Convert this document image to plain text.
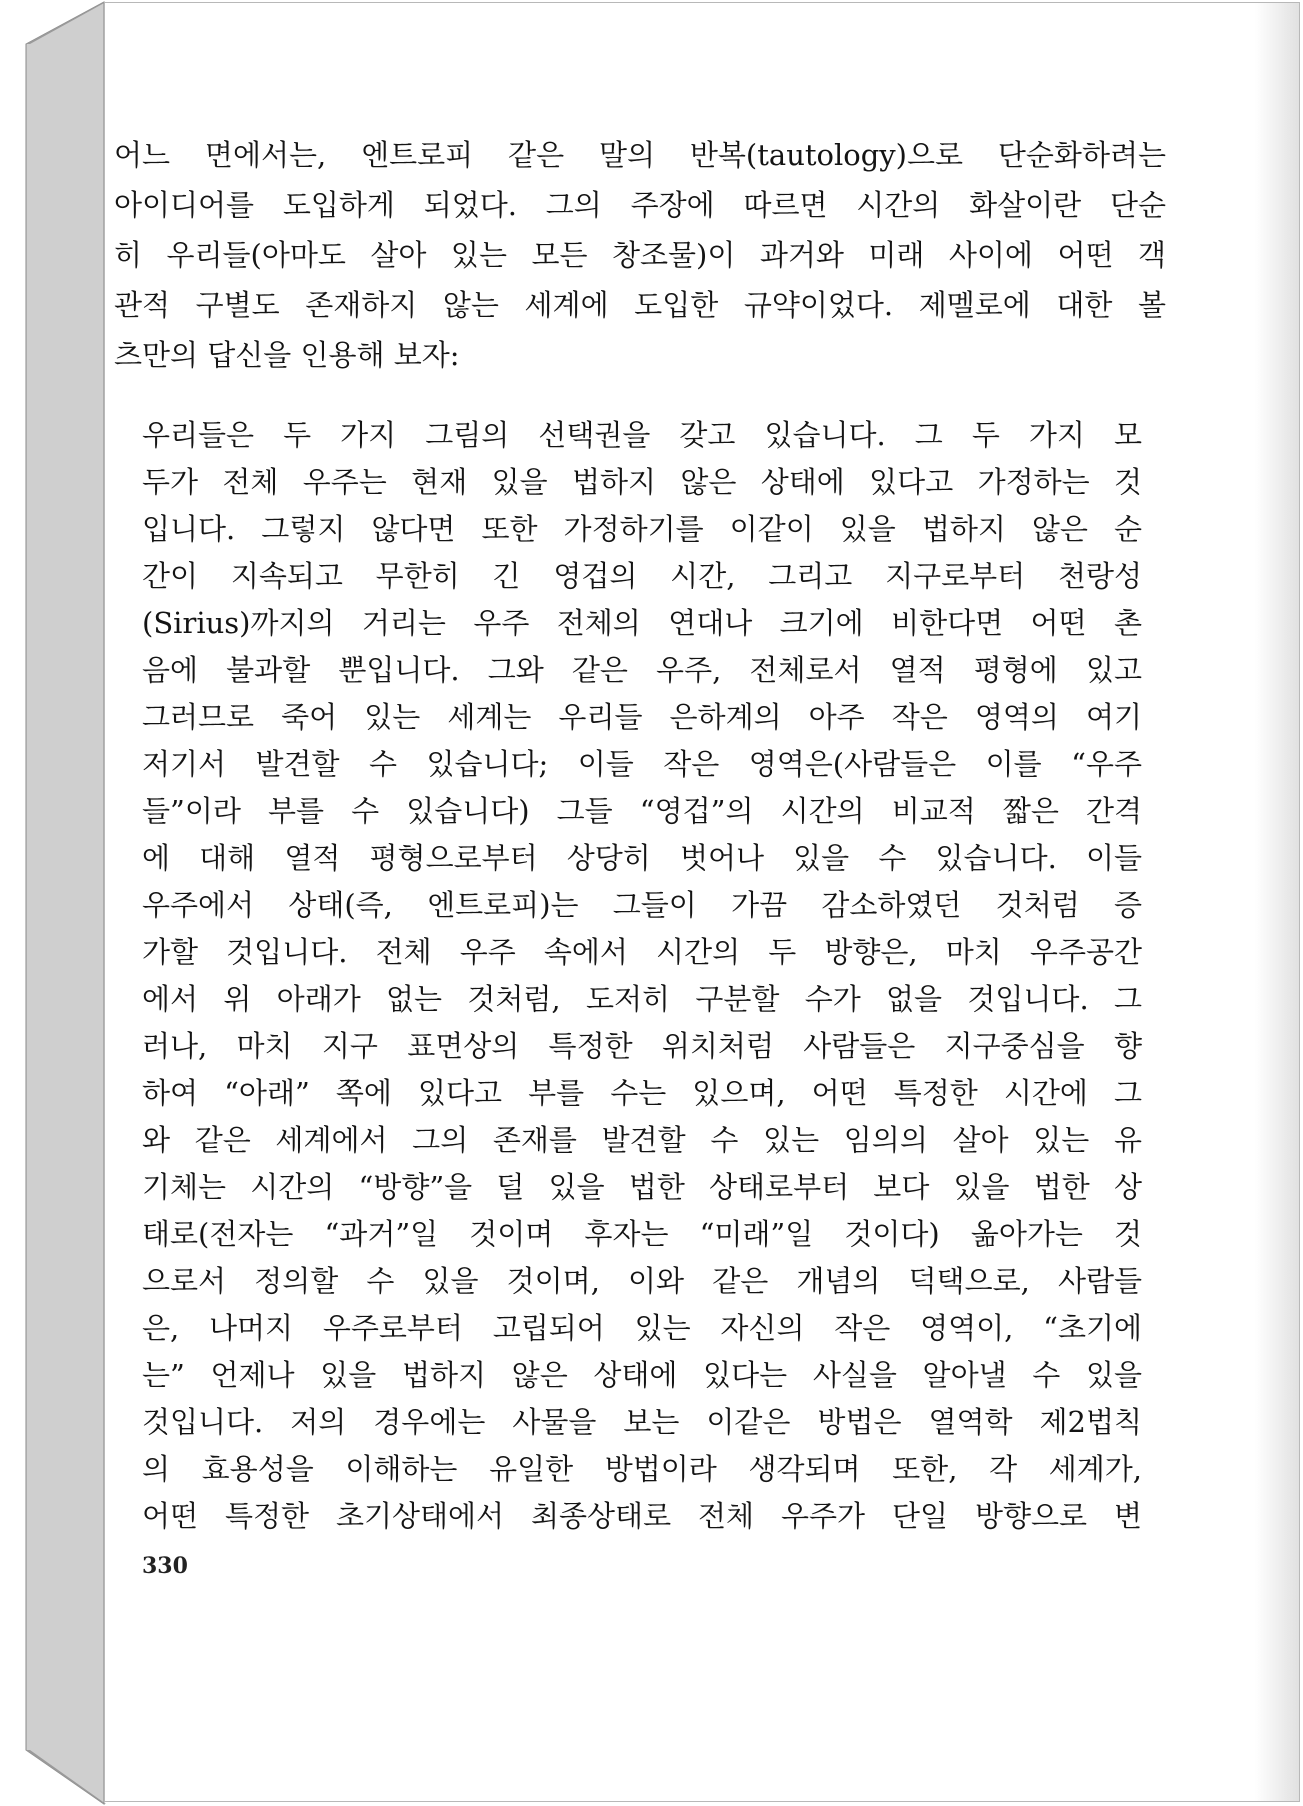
어느 면에서는, 엔트로피 같은 말의 반복(tautology)으로 단순화하려는
아이디어를 도입하게 되었다. 그의 주장에 따르면 시간의 화살이란 단순
히 우리들(아마도 살아 있는 모든 창조물)이 과거와 미래 사이에 어떤 객
관적 구별도 존재하지 않는 세계에 도입한 규약이었다. 제멜로에 대한 볼
츠만의 답신을 인용해 보자:
우리들은 두 가지 그림의 선택권을 갖고 있습니다. 그 두 가지 모
두가 전체 우주는 현재 있을 법하지 않은 상태에 있다고 가정하는 것
입니다. 그렇지 않다면 또한 가정하기를 이같이 있을 법하지 않은 순
간이 지속되고 무한히 긴 영겁의 시간, 그리고 지구로부터 천랑성
(Sirius)까지의 거리는 우주 전체의 연대나 크기에 비한다면 어떤 촌
음에 불과할 뿐입니다. 그와 같은 우주, 전체로서 열적 평형에 있고
그러므로 죽어 있는 세계는 우리들 은하계의 아주 작은 영역의 여기
저기서 발견할 수 있습니다; 이들 작은 영역은(사람들은 이를 “우주
들”이라 부를 수 있습니다) 그들 “영겁”의 시간의 비교적 짧은 간격
에 대해 열적 평형으로부터 상당히 벗어나 있을 수 있습니다. 이들
우주에서 상태(즉, 엔트로피)는 그들이 가끔 감소하였던 것처럼 증
가할 것입니다. 전체 우주 속에서 시간의 두 방향은, 마치 우주공간
에서 위 아래가 없는 것처럼, 도저히 구분할 수가 없을 것입니다. 그
러나, 마치 지구 표면상의 특정한 위치처럼 사람들은 지구중심을 향
하여 “아래” 쪽에 있다고 부를 수는 있으며, 어떤 특정한 시간에 그
와 같은 세계에서 그의 존재를 발견할 수 있는 임의의 살아 있는 유
기체는 시간의 “방향”을 덜 있을 법한 상태로부터 보다 있을 법한 상
태로(전자는 “과거”일 것이며 후자는 “미래”일 것이다) 옮아가는 것
으로서 정의할 수 있을 것이며, 이와 같은 개념의 덕택으로, 사람들
은, 나머지 우주로부터 고립되어 있는 자신의 작은 영역이, “초기에
는” 언제나 있을 법하지 않은 상태에 있다는 사실을 알아낼 수 있을
것입니다. 저의 경우에는 사물을 보는 이같은 방법은 열역학 제2법칙
의 효용성을 이해하는 유일한 방법이라 생각되며 또한, 각 세계가,
어떤 특정한 초기상태에서 최종상태로 전체 우주가 단일 방향으로 변
330
